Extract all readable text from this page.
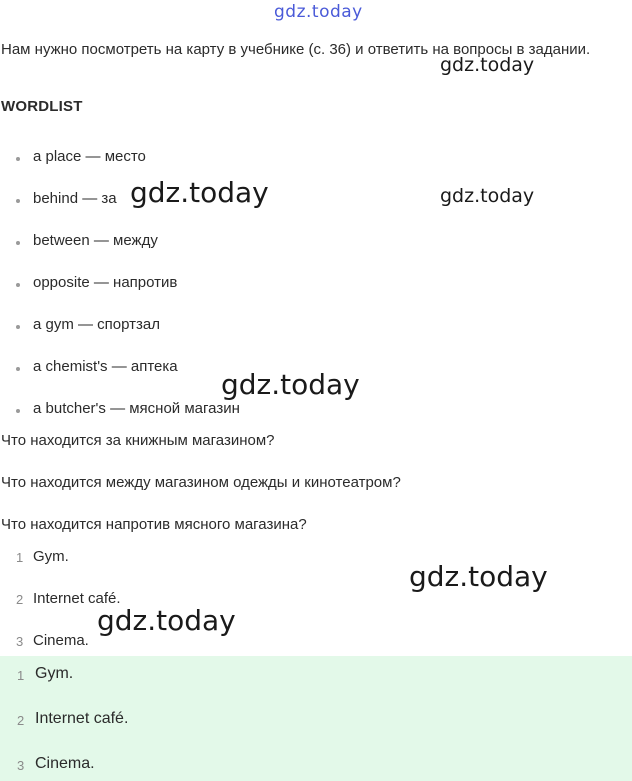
gdz.today
Нам нужно посмотреть на карту в учебнике (с. 36) и ответить на вопросы в задании.
gdz.today
WORDLIST
a place — место
behind — за
between — между
opposite — напротив
a gym — спортзал
a chemist's — аптека
a butcher's — мясной магазин
gdz.today	gdz.today
gdz.today
Что находится за книжным магазином?
Что находится между магазином одежды и кинотеатром?
Что находится напротив мясного магазина?
1 Gym.
2 Internet café.
3 Cinema.
gdz.today
gdz.today
1 Gym.
2 Internet café.
3 Cinema.
